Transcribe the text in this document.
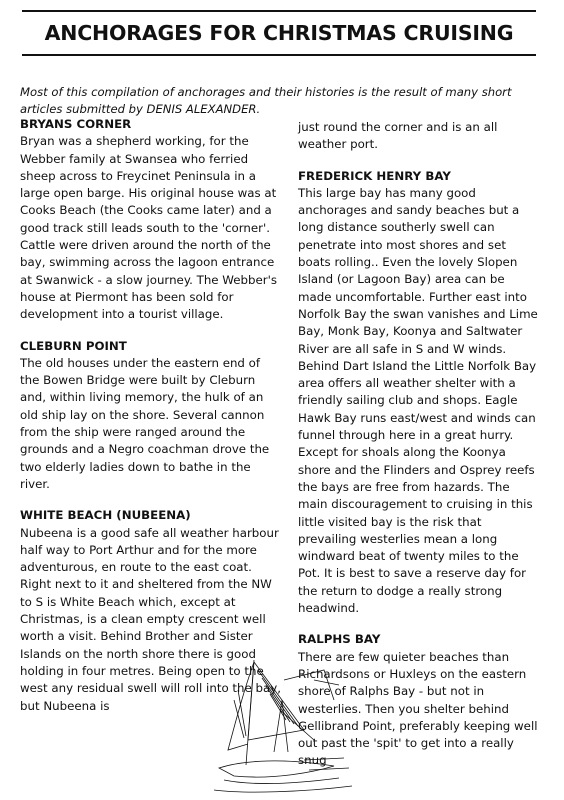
ANCHORAGES FOR CHRISTMAS CRUISING

Most of this compilation of anchorages and their histories is the result of many short articles submitted by DENIS ALEXANDER.

BRYANS CORNER

Bryan was a shepherd working, for the Webber family at Swansea who ferried sheep across to Freycinet Peninsula in a large open barge. His original house was at Cooks Beach (the Cooks came later) and a good track still leads south to the 'corner'. Cattle were driven around the north of the bay, swimming across the lagoon entrance at Swanwick - a slow journey. The Webber's house at Piermont has been sold for development into a tourist village.

CLEBURN POINT

The old houses under the eastern end of the Bowen Bridge were built by Cleburn and, within living memory, the hulk of an old ship lay on the shore. Several cannon from the ship were ranged around the grounds and a Negro coachman drove the two elderly ladies down to bathe in the river.

WHITE BEACH (NUBEENA)

Nubeena is a good safe all weather harbour half way to Port Arthur and for the more adventurous, en route to the east coat. Right next to it and sheltered from the NW to S is White Beach which, except at Christmas, is a clean empty crescent well worth a visit. Behind Brother and Sister Islands on the north shore there is good holding in four metres. Being open to the west any residual swell will roll into the bay, but Nubeena is

just round the corner and is an all weather port.

FREDERICK HENRY BAY

This large bay has many good anchorages and sandy beaches but a long distance southerly swell can penetrate into most shores and set boats rolling.. Even the lovely Slopen Island (or Lagoon Bay) area can be made uncomfortable. Further east into Norfolk Bay the swan vanishes and Lime Bay, Monk Bay, Koonya and Saltwater River are all safe in S and W winds. Behind Dart Island the Little Norfolk Bay area offers all weather shelter with a friendly sailing club and shops. Eagle Hawk Bay runs east/west and winds can funnel through here in a great hurry. Except for shoals along the Koonya shore and the Flinders and Osprey reefs the bays are free from hazards. The main discouragement to cruising in this little visited bay is the risk that prevailing westerlies mean a long windward beat of twenty miles to the Pot. It is best to save a reserve day for the return to dodge a really strong headwind.

RALPHS BAY

There are few quieter beaches than Richardsons or Huxleys on the eastern shore of Ralphs Bay - but not in westerlies. Then you shelter behind Gellibrand Point, preferably keeping well out past the 'spit' to get into a really snug
